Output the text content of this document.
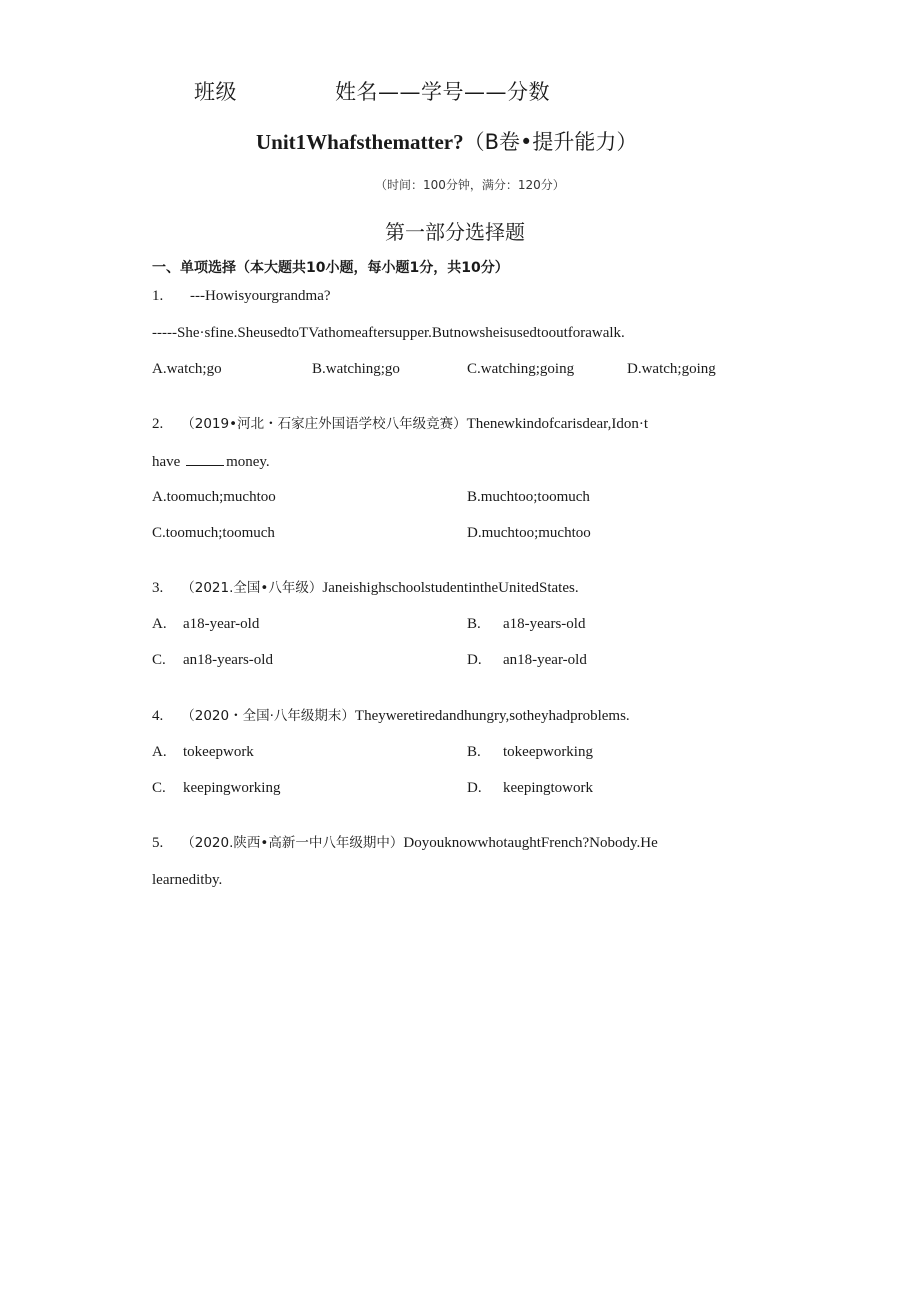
班级	姓名——学号——分数
Unit1Whafsthematter?（B卷•提升能力）
（时间：100分钟，满分：120分）
第一部分选择题
一、单项选择（本大题共10小题，每小题1分，共10分）
1. ---Howisyourgrandma?
-----She·sfine.SheusedtoTVathomeaftersupper.Butnowsheisusedtooutforawalk.
A.watch;go	B.watching;go	C.watching;going	D.watch;going
2. （2019•河北・石家庄外国语学校八年级竞赛）Thenewkindofcarisdear,Idon·t
have	money.
A.toomuch;muchtoo	B.muchtoo;toomuch
C.toomuch;toomuch	D.muchtoo;muchtoo
3. （2021.全国•八年级）JaneishighschoolstudentintheUnitedStates.
A. a18-year-old	B. a18-years-old
C. an18-years-old	D. an18-year-old
4. （2020・全国·八年级期末）Theyweretiredandhungry,sotheyhadproblems.
A. tokeepwork	B. tokeepworking
C. keepingworking	D. keepingtowork
5. （2020.陕西•高新一中八年级期中）DoyouknowwhotaughtFrench?Nobody.He
learneditby.
